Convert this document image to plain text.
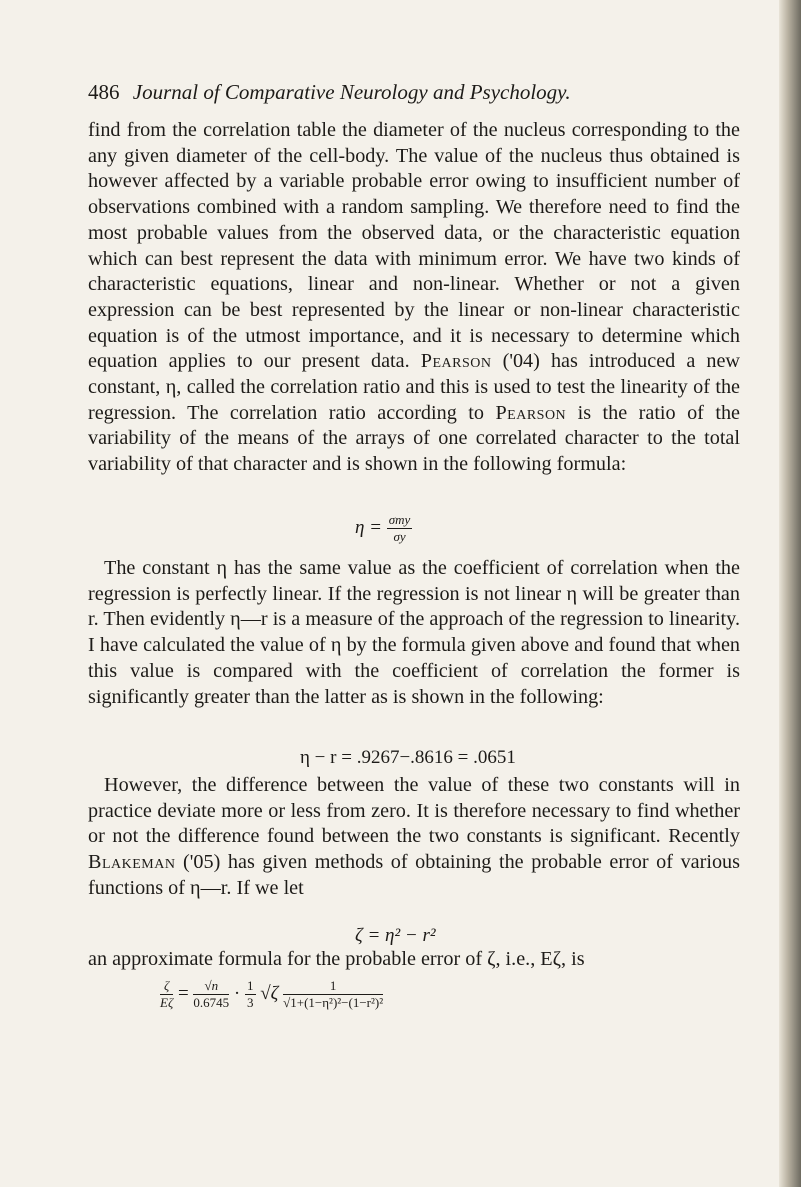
486 Journal of Comparative Neurology and Psychology.

find from the correlation table the diameter of the nucleus corresponding to the any given diameter of the cell-body. The value of the nucleus thus obtained is however affected by a variable probable error owing to insufficient number of observations combined with a random sampling. We therefore need to find the most probable values from the observed data, or the characteristic equation which can best represent the data with minimum error. We have two kinds of characteristic equations, linear and non-linear. Whether or not a given expression can be best represented by the linear or non-linear characteristic equation is of the utmost importance, and it is necessary to determine which equation applies to our present data. Pearson ('04) has introduced a new constant, η, called the correlation ratio and this is used to test the linearity of the regression. The correlation ratio according to Pearson is the ratio of the variability of the means of the arrays of one correlated character to the total variability of that character and is shown in the following formula:

$\eta = \frac{\text{σmy}}{\sigma y}$

The constant η has the same value as the coefficient of correlation when the regression is perfectly linear. If the regression is not linear η will be greater than r. Then evidently η—r is a measure of the approach of the regression to linearity. I have calculated the value of η by the formula given above and found that when this value is compared with the coefficient of correlation the former is significantly greater than the latter as is shown in the following:

η − r = .9267−.8616 = .0651

However, the difference between the value of these two constants will in practice deviate more or less from zero. It is therefore necessary to find whether or not the difference found between the two constants is significant. Recently Blakeman ('05) has given methods of obtaining the probable error of various functions of η—r. If we let

ζ = η² − r²

an approximate formula for the probable error of ζ, i.e., Eζ, is

$\frac{\zeta}{E\zeta} = \frac{√n}{0.6745} \cdot \frac{1}{3} √\zeta \frac{1}{\text{√1+(1−η²)²−(1−r²)²}}$
